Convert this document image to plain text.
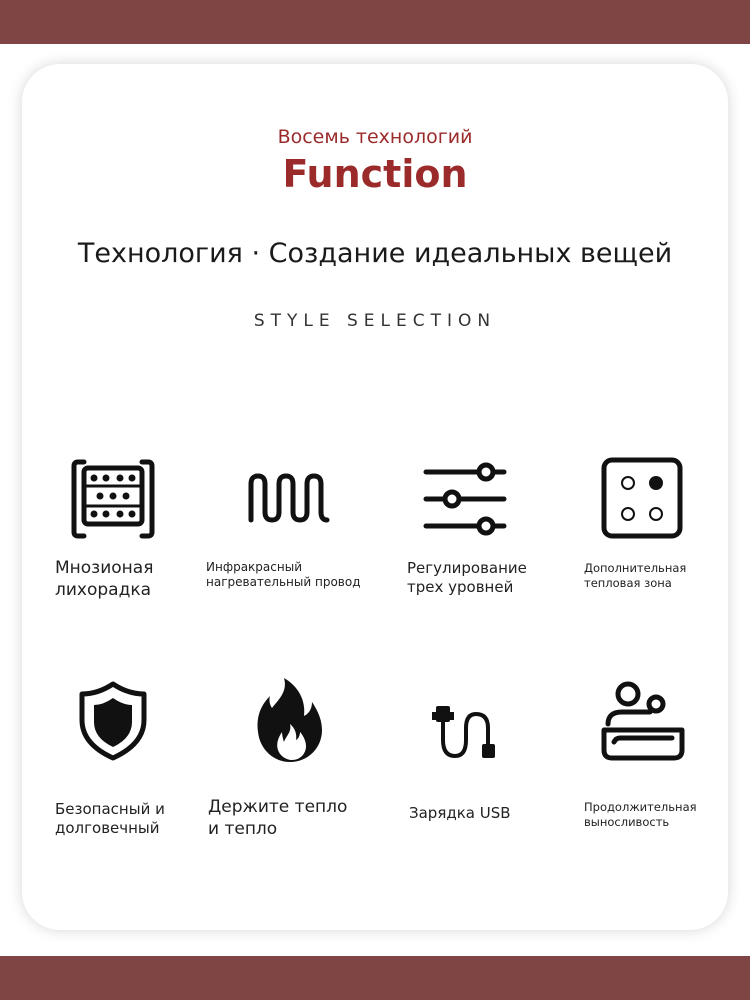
Восемь технологий
Function
Технология · Создание идеальных вещей
STYLE SELECTION
Мнозионая
лихорадка
Инфракрасный
нагревательный провод
Регулирование
трех уровней
Дополнительная
тепловая зона
Безопасный и
долговечный
Держите тепло
и тепло
Зарядка USB	Продолжительная
выносливость
